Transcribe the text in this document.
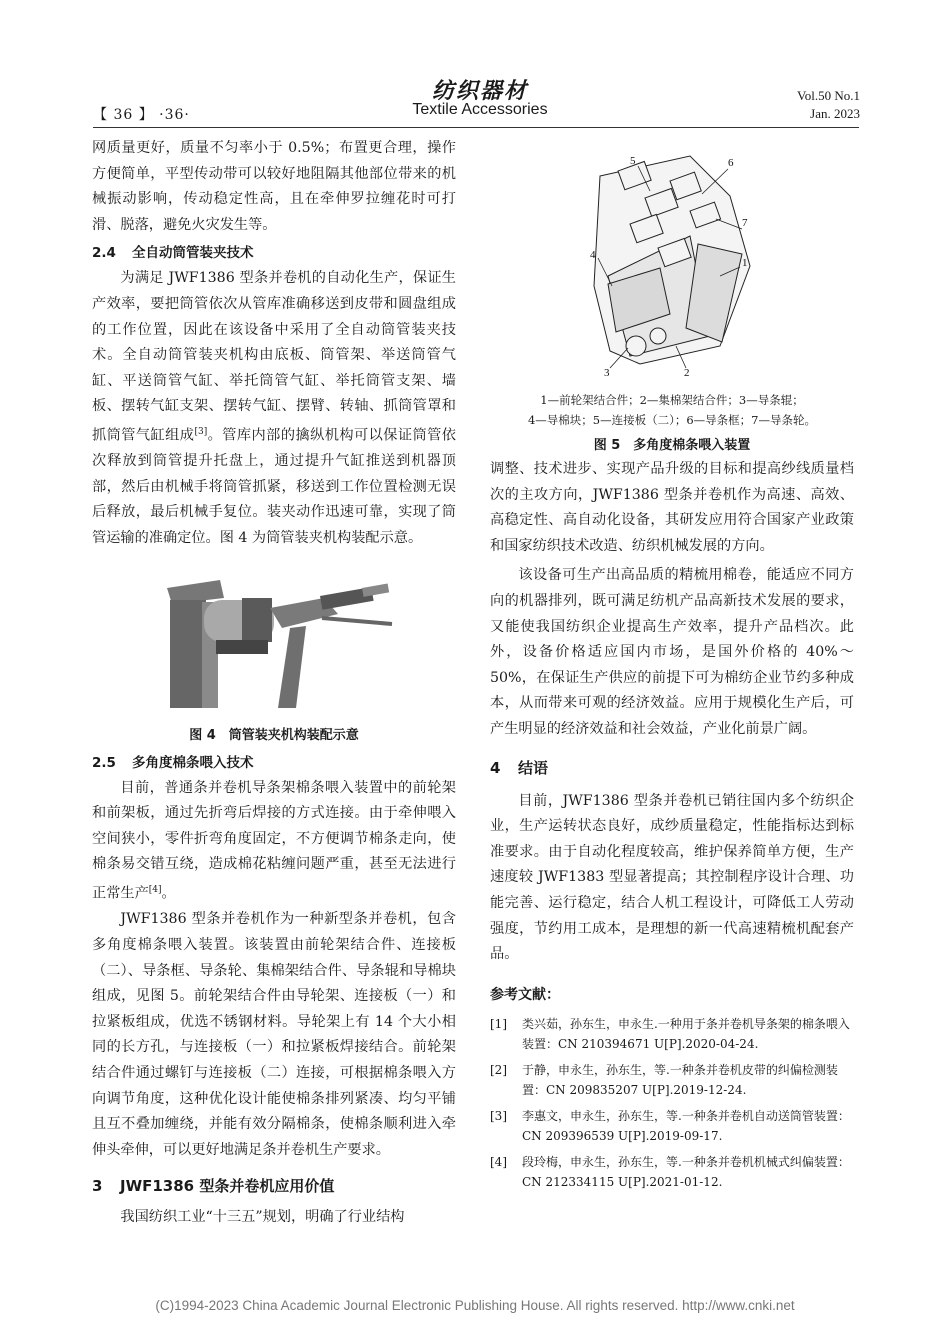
【 36 】 ·36·
纺织器材
Textile Accessories
Vol.50 No.1
Jan. 2023

网质量更好，质量不匀率小于 0.5%；布置更合理，操作方便简单，平型传动带可以较好地阻隔其他部位带来的机械振动影响，传动稳定性高，且在牵伸罗拉缠花时可打滑、脱落，避免火灾发生等。

2.4 全自动筒管装夹技术

为满足 JWF1386 型条并卷机的自动化生产，保证生产效率，要把筒管依次从管库准确移送到皮带和圆盘组成的工作位置，因此在该设备中采用了全自动筒管装夹技术。全自动筒管装夹机构由底板、筒管架、举送筒管气缸、平送筒管气缸、举托筒管气缸、举托筒管支架、墙板、摆转气缸支架、摆转气缸、摆臂、转轴、抓筒管罩和抓筒管气缸组成[3]。管库内部的擒纵机构可以保证筒管依次释放到筒管提升托盘上，通过提升气缸推送到机器顶部，然后由机械手将筒管抓紧，移送到工作位置检测无误后释放，最后机械手复位。装夹动作迅速可靠，实现了筒管运输的准确定位。图 4 为筒管装夹机构装配示意。

图 4　筒管装夹机构装配示意
2.5 多角度棉条喂入技术

目前，普通条并卷机导条架棉条喂入装置中的前轮架和前架板，通过先折弯后焊接的方式连接。由于牵伸喂入空间狭小，零件折弯角度固定，不方便调节棉条走向，使棉条易交错互绕，造成棉花粘缠问题严重，甚至无法进行正常生产[4]。

JWF1386 型条并卷机作为一种新型条并卷机，包含多角度棉条喂入装置。该装置由前轮架结合件、连接板（二）、导条框、导条轮、集棉架结合件、导条辊和导棉块组成，见图 5。前轮架结合件由导轮架、连接板（一）和拉紧板组成，优选不锈钢材料。导轮架上有 14 个大小相同的长方孔，与连接板（一）和拉紧板焊接结合。前轮架结合件通过螺钉与连接板（二）连接，可根据棉条喂入方向调节角度，这种优化设计能使棉条排列紧凑、均匀平铺且互不叠加缠绕，并能有效分隔棉条，使棉条顺利进入牵伸头牵伸，可以更好地满足条并卷机生产要求。

3 JWF1386 型条并卷机应用价值

我国纺织工业“十三五”规划，明确了行业结构

1
2
3
4
5	6
7
1—前轮架结合件；2—集棉架结合件；3—导条辊；
4—导棉块；5—连接板（二）；6—导条框；7—导条轮。
图 5　多角度棉条喂入装置

调整、技术进步、实现产品升级的目标和提高纱线质量档次的主攻方向，JWF1386 型条并卷机作为高速、高效、高稳定性、高自动化设备，其研发应用符合国家产业政策和国家纺织技术改造、纺织机械发展的方向。

该设备可生产出高品质的精梳用棉卷，能适应不同方向的机器排列，既可满足纺机产品高新技术发展的要求，又能使我国纺织企业提高生产效率，提升产品档次。此外，设备价格适应国内市场，是国外价格的 40%～50%，在保证生产供应的前提下可为棉纺企业节约多种成本，从而带来可观的经济效益。应用于规模化生产后，可产生明显的经济效益和社会效益，产业化前景广阔。

4 结语

目前，JWF1386 型条并卷机已销往国内多个纺织企业，生产运转状态良好，成纱质量稳定，性能指标达到标准要求。由于自动化程度较高，维护保养简单方便，生产速度较 JWF1383 型显著提高；其控制程序设计合理、功能完善、运行稳定，结合人机工程设计，可降低工人劳动强度，节约用工成本，是理想的新一代高速精梳机配套产品。

参考文献：
[1] 类兴茹，孙东生，申永生.一种用于条并卷机导条架的棉条喂入装置：CN 210394671 U[P].2020-04-24.
[2] 于静，申永生，孙东生，等.一种条并卷机皮带的纠偏检测装置：CN 209835207 U[P].2019-12-24.
[3] 李惠文，申永生，孙东生，等.一种条并卷机自动送筒管装置：CN 209396539 U[P].2019-09-17.
[4] 段玲梅，申永生，孙东生，等.一种条并卷机机械式纠偏装置：CN 212334115 U[P].2021-01-12.
(C)1994-2023 China Academic Journal Electronic Publishing House. All rights reserved. http://www.cnki.net
